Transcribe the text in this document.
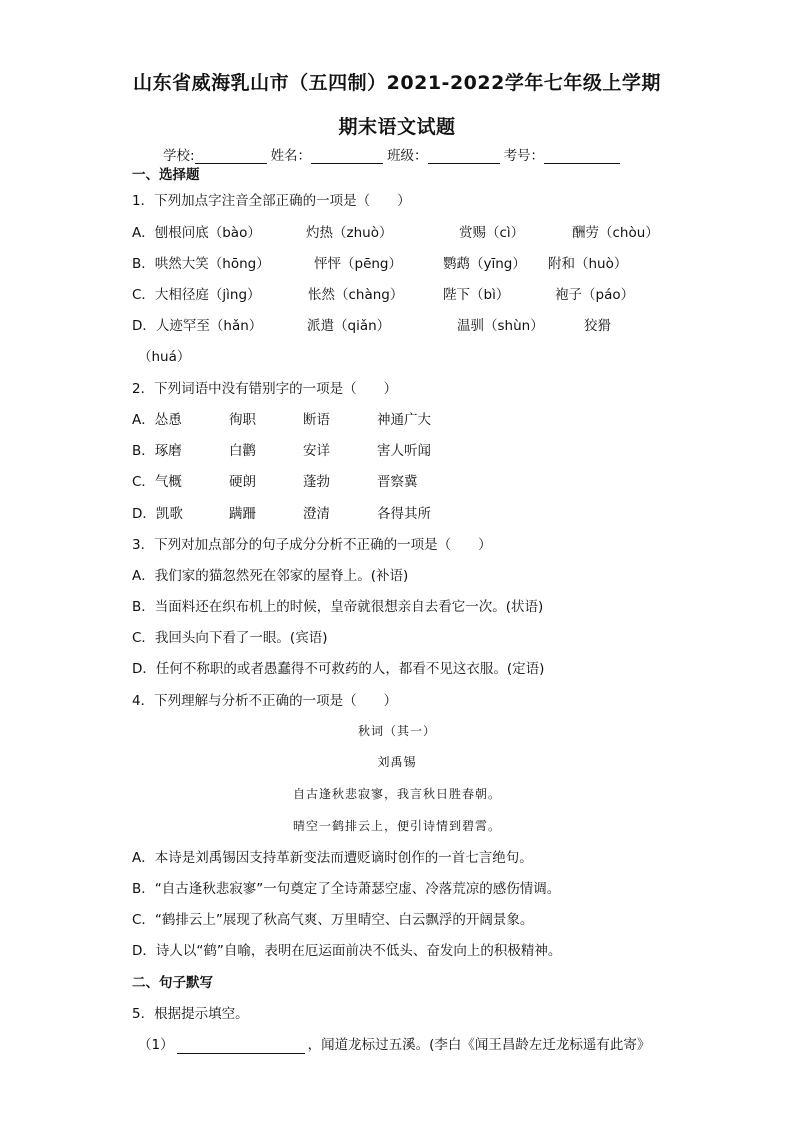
山东省威海乳山市（五四制）2021-2022学年七年级上学期
期末语文试题
学校:	姓名：	班级：	考号：
一、选择题
1．下列加点字注音全部正确的一项是（　　）
A．刨根问底（bào）	灼热（zhuò）	赏赐（cì）	酬劳（chòu）
B．哄然大笑（hōng）	怦怦（pēng）	鹦鹉（yīng） 附和（huò）
C．大相径庭（jìng）	怅然（chàng）	陛下（bì）	袍子（páo）
D．人迹罕至（hǎn）	派遣（qiǎn）	温驯（shùn）	狡猾
（huá）
2．下列词语中没有错别字的一项是（　　）
A．怂恿	徇职	断语	神通广大
B．琢磨	白鹳	安详	害人听闻
C．气概	硬朗	蓬勃	晋察冀
D．凯歌	蹒跚	澄清	各得其所
3．下列对加点部分的句子成分分析不正确的一项是（　　）
A．我们家的猫忽然死在邻家的屋脊上。(补语)
B．当面料还在织布机上的时候，皇帝就很想亲自去看它一次。(状语)
C．我回头向下看了一眼。(宾语)
D．任何不称职的或者愚蠢得不可救药的人，都看不见这衣服。(定语)
4．下列理解与分析不正确的一项是（　　）
秋词（其一）
刘禹锡
自古逢秋悲寂寥，我言秋日胜春朝。
晴空一鹤排云上，便引诗情到碧霄。
A．本诗是刘禹锡因支持革新变法而遭贬谪时创作的一首七言绝句。
B．“自古逢秋悲寂寥”一句奠定了全诗萧瑟空虚、冷落荒凉的感伤情调。
C．“鹤排云上”展现了秋高气爽、万里晴空、白云飘浮的开阔景象。
D．诗人以“鹤”自喻，表明在厄运面前决不低头、奋发向上的积极精神。
二、句子默写
5．根据提示填空。
（1）	，闻道龙标过五溪。(李白《闻王昌龄左迁龙标遥有此寄》
